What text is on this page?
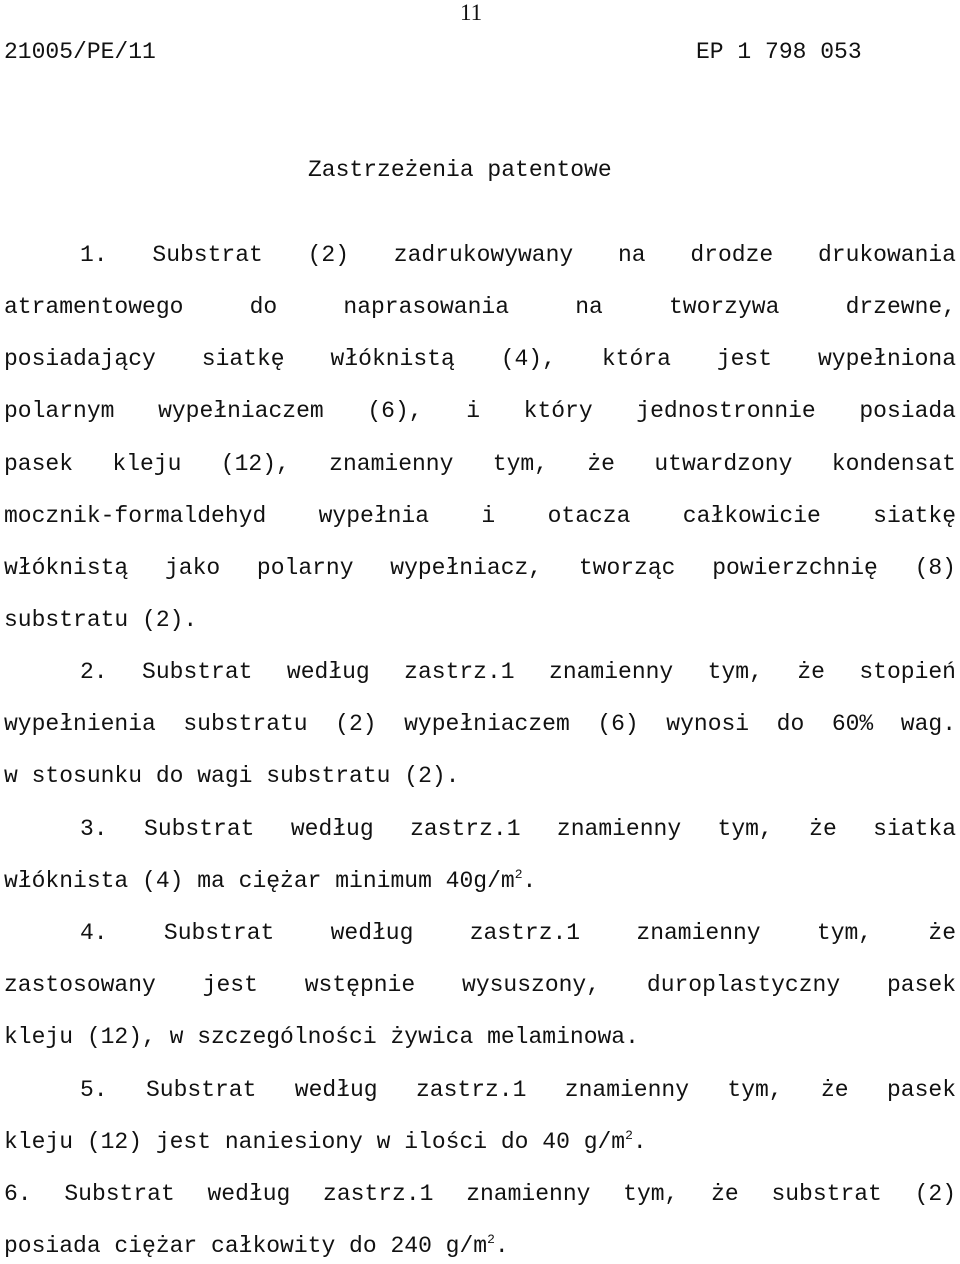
11
21005/PE/11	EP 1 798 053
Zastrzeżenia patentowe
1. Substrat (2) zadrukowywany na drodze drukowania
atramentowego do naprasowania na tworzywa drzewne,
posiadający siatkę włóknistą (4), która jest wypełniona
polarnym wypełniaczem (6), i który jednostronnie posiada
pasek kleju (12), znamienny tym, że utwardzony kondensat
mocznik-formaldehyd wypełnia i otacza całkowicie siatkę
włóknistą jako polarny wypełniacz, tworząc powierzchnię (8)
substratu (2).
2. Substrat według zastrz.1 znamienny tym, że stopień
wypełnienia substratu (2) wypełniaczem (6) wynosi do 60% wag.
w stosunku do wagi substratu (2).
3. Substrat według zastrz.1 znamienny tym, że siatka
włóknista (4) ma ciężar minimum $40g/m^2$.
4. Substrat według zastrz.1 znamienny tym, że
zastosowany jest wstępnie wysuszony, duroplastyczny pasek
kleju (12), w szczególności żywica melaminowa.
5. Substrat według zastrz.1 znamienny tym, że pasek
kleju (12) jest naniesiony w ilości do 40 $g/m^2$.
6. Substrat według zastrz.1 znamienny tym, że substrat (2)
posiada ciężar całkowity do 240 $g/m^2$.
